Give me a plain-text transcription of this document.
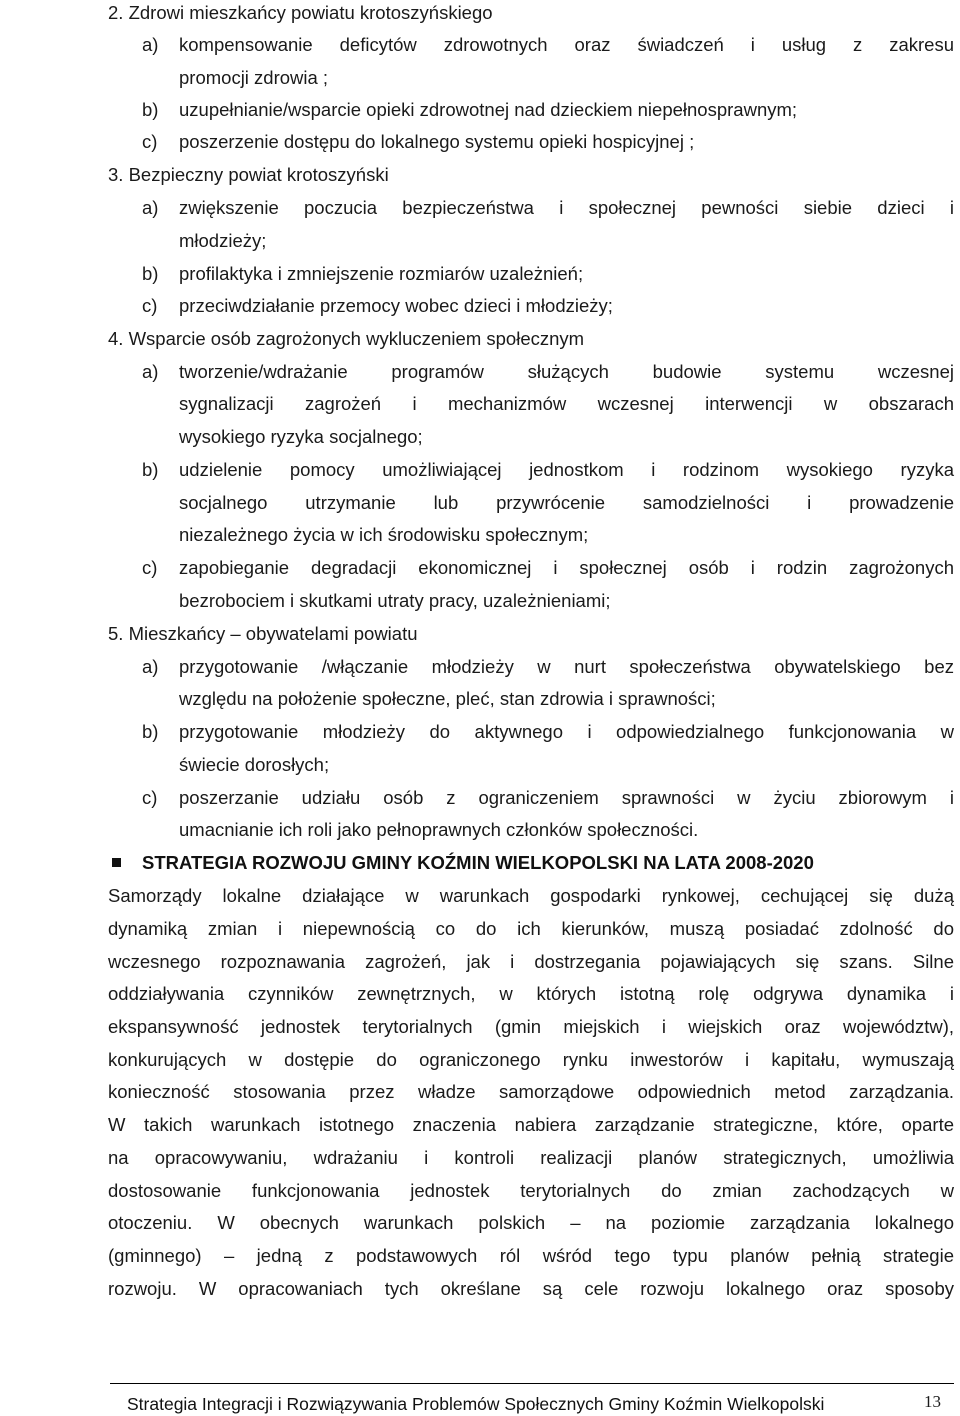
2. Zdrowi mieszkańcy powiatu krotoszyńskiego
a) kompensowanie deficytów zdrowotnych oraz świadczeń i usług z zakresu
promocji zdrowia ;
b) uzupełnianie/wsparcie opieki zdrowotnej nad dzieckiem niepełnosprawnym;
c) poszerzenie dostępu do lokalnego systemu opieki hospicyjnej ;
3. Bezpieczny powiat krotoszyński
a) zwiększenie poczucia bezpieczeństwa i społecznej pewności siebie dzieci i
młodzieży;
b) profilaktyka i zmniejszenie rozmiarów uzależnień;
c) przeciwdziałanie przemocy wobec dzieci i młodzieży;
4. Wsparcie osób zagrożonych wykluczeniem społecznym
a) tworzenie/wdrażanie programów służących budowie systemu wczesnej
sygnalizacji zagrożeń i mechanizmów wczesnej interwencji w obszarach
wysokiego ryzyka socjalnego;
b) udzielenie pomocy umożliwiającej jednostkom i rodzinom wysokiego ryzyka
socjalnego utrzymanie lub przywrócenie samodzielności i prowadzenie
niezależnego życia w ich środowisku społecznym;
c) zapobieganie degradacji ekonomicznej i społecznej osób i rodzin zagrożonych
bezrobociem i skutkami utraty pracy, uzależnieniami;
5. Mieszkańcy – obywatelami powiatu
a) przygotowanie /włączanie młodzieży w nurt społeczeństwa obywatelskiego bez
względu na położenie społeczne, pleć, stan zdrowia i sprawności;
b) przygotowanie młodzieży do aktywnego i odpowiedzialnego funkcjonowania w
świecie dorosłych;
c) poszerzanie udziału osób z ograniczeniem sprawności w życiu zbiorowym i
umacnianie ich roli jako pełnoprawnych członków społeczności.
STRATEGIA ROZWOJU GMINY KOŹMIN WIELKOPOLSKI NA LATA 2008-2020
Samorządy lokalne działające w warunkach gospodarki rynkowej, cechującej się dużą
dynamiką zmian i niepewnością co do ich kierunków, muszą posiadać zdolność do
wczesnego rozpoznawania zagrożeń, jak i dostrzegania pojawiających się szans. Silne
oddziaływania czynników zewnętrznych, w których istotną rolę odgrywa dynamika i
ekspansywność jednostek terytorialnych (gmin miejskich i wiejskich oraz województw),
konkurujących w dostępie do ograniczonego rynku inwestorów i kapitału, wymuszają
konieczność stosowania przez władze samorządowe odpowiednich metod zarządzania.
W takich warunkach istotnego znaczenia nabiera zarządzanie strategiczne, które, oparte
na opracowywaniu, wdrażaniu i kontroli realizacji planów strategicznych, umożliwia
dostosowanie funkcjonowania jednostek terytorialnych do zmian zachodzących w
otoczeniu. W obecnych warunkach polskich – na poziomie zarządzania lokalnego
(gminnego) – jedną z podstawowych ról wśród tego typu planów pełnią strategie
rozwoju. W opracowaniach tych określane są cele rozwoju lokalnego oraz sposoby
Strategia Integracji i Rozwiązywania Problemów Społecznych Gminy Koźmin Wielkopolski	13
